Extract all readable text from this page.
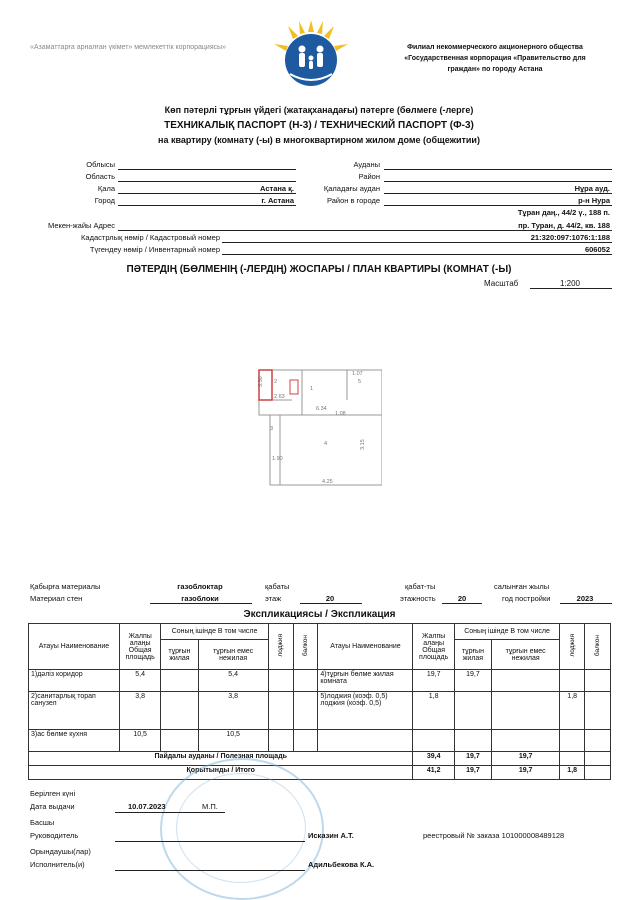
«Азаматтарға арналған үкімет» мемлекеттік корпорациясы»	Филиал некоммерческого акционерного общества
«Государственная корпорация «Правительство для
граждан» по городу Астана
Көп пәтерлі тұрғын үйдегі (жатақханадағы) пәтерге (бөлмеге (-лерге)
ТЕХНИКАЛЫҚ ПАСПОРТ (Н-3) / ТЕХНИЧЕСКИЙ ПАСПОРТ (Ф-3)
на квартиру (комнату (-ы) в многоквартирном жилом доме (общежитии)
Облысы
Область
Ауданы
Район
Қала	Астана қ.
Город	г. Астана
Қаладағы аудан	Нұра ауд.
Район в городе	р-н Нура
Тұран даң., 44/2 ү., 188 п.
Мекен-жайы Адрес	пр. Туран, д. 44/2, кв. 188
Кадастрлық нөмір / Кадастровый номер	21:320:097:1076:1:188
Түгендеу нөмір / Инвентарный номер	606052
ПӘТЕРДІҢ (БӨЛМЕНІҢ (-ЛЕРДІҢ) ЖОСПАРЫ / ПЛАН КВАРТИРЫ (КОМНАТ (-Ы)
Масштаб	1:200
5.50
2.63
6.34
1.08
4.25
1.90
1.07
3.15
1
2
3
4
5
Қабырға материалы
Материал стен
газоблоктар
газоблоки
қабаты
этаж	20
қабат-ты
этажность	20
салынған жылы
год постройки	2023
Экспликациясы / Экспликация
Атауы Наименование	Жалпы алаңы Общая площадь	Соның ішінде В том числе		лоджия	балкон	Атауы Наименование	Жалпы алаңы Общая площадь	Соның ішінде В том числе		лоджия	балкон
		тұрғын жилая	тұрғын емес нежилая					тұрғын жилая	тұрғын емес нежилая		
1)дәліз коридор	5,4		5,4			4)тұрғын бөлме жилая комната	19,7	19,7			
2)санитарлық торап санузел	3,8		3,8			5)лоджия (коэф. 0,5) лоджия (коэф. 0,5)	1,8			1,8	
3)ас бөлме кухня	10,5		10,5								
Пайдалы ауданы / Полезная площадь							39,4	19,7	19,7		
Қорытынды / Итого							41,2	19,7	19,7	1,8	
Берілген күні
Дата выдачи	10.07.2023	М.П.
Басшы
Руководитель	Исказин А.Т.	реестровый № заказа 101000008489128
Орындаушы(лар)
Исполнитель(и)	Адильбекова К.А.
